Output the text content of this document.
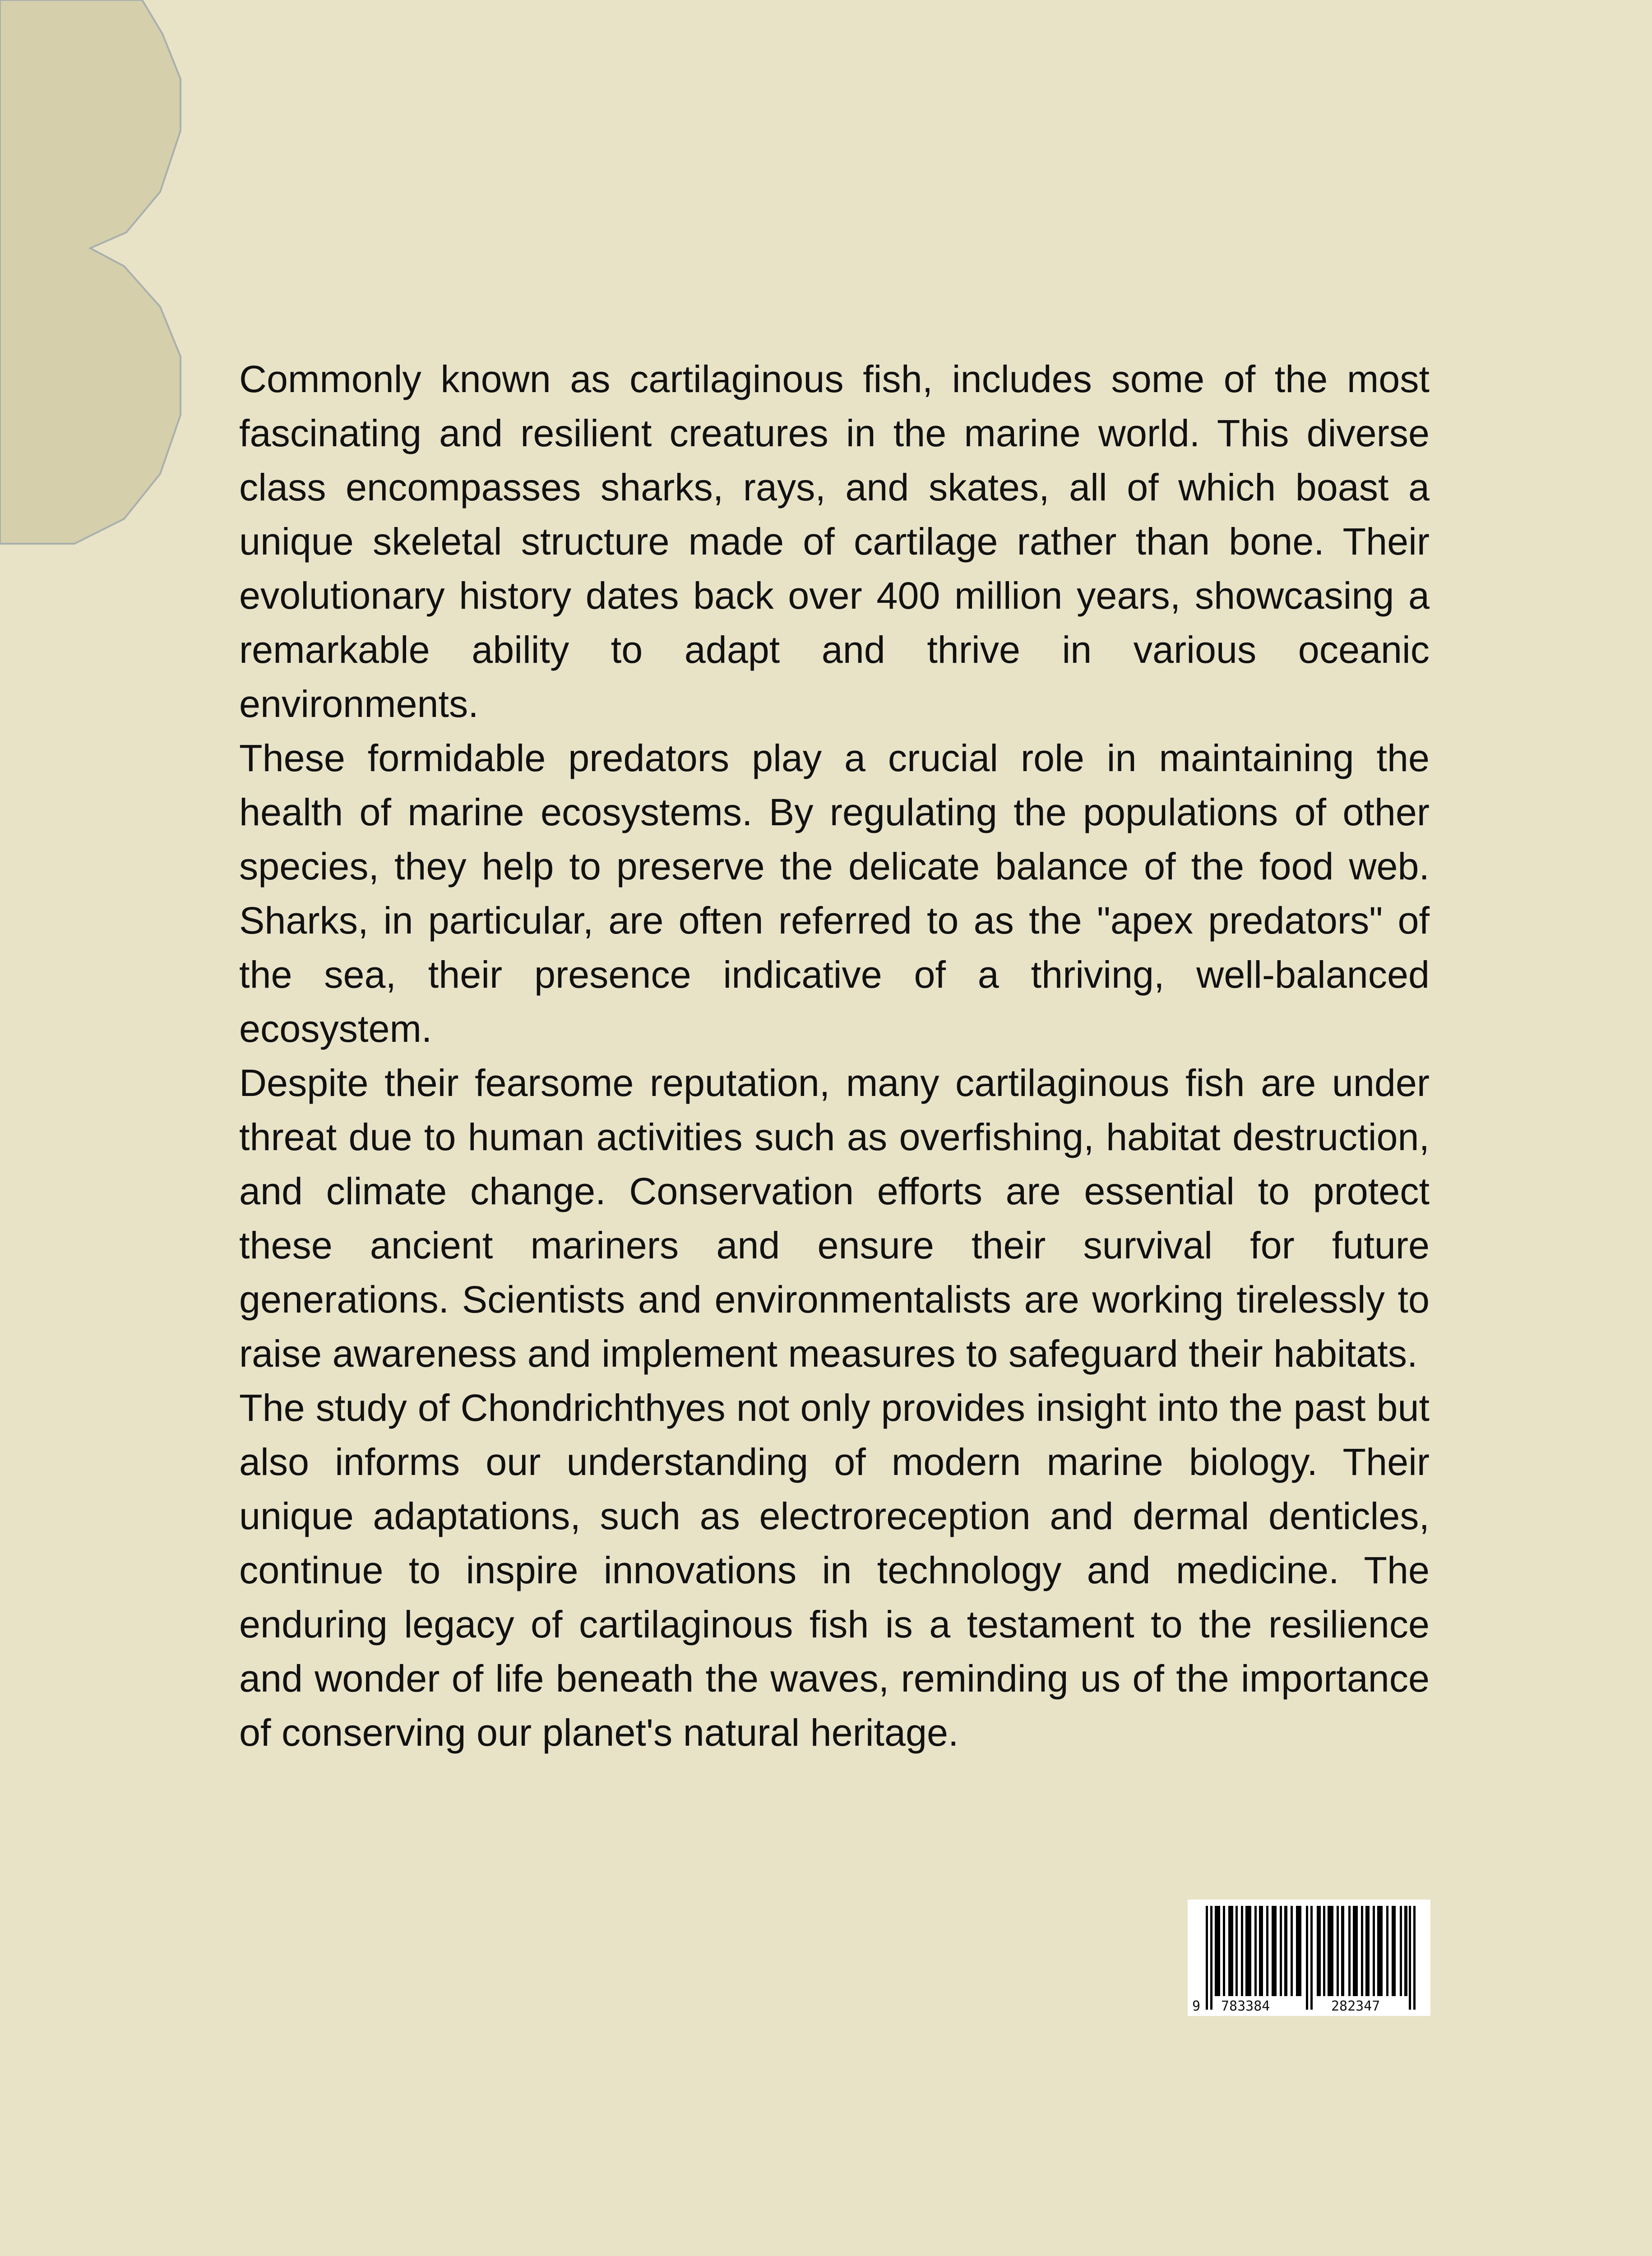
Commonly known as cartilaginous fish, includes some of the most fascinating and resilient creatures in the marine world. This diverse class encompasses sharks, rays, and skates, all of which boast a unique skeletal structure made of cartilage rather than bone. Their evolutionary history dates back over 400 million years, showcasing a remarkable ability to adapt and thrive in various oceanic environments.

These formidable predators play a crucial role in maintaining the health of marine ecosystems. By regulating the populations of other species, they help to preserve the delicate balance of the food web. Sharks, in particular, are often referred to as the "apex predators" of the sea, their presence indicative of a thriving, well-balanced ecosystem.

Despite their fearsome reputation, many cartilaginous fish are under threat due to human activities such as overfishing, habitat destruction, and climate change. Conservation efforts are essential to protect these ancient mariners and ensure their survival for future generations. Scientists and environmentalists are working tirelessly to raise awareness and implement measures to safeguard their habitats.

The study of Chondrichthyes not only provides insight into the past but also informs our understanding of modern marine biology. Their unique adaptations, such as electroreception and dermal denticles, continue to inspire innovations in technology and medicine. The enduring legacy of cartilaginous fish is a testament to the resilience and wonder of life beneath the waves, reminding us of the importance of conserving our planet's natural heritage.

9 783384	282347
